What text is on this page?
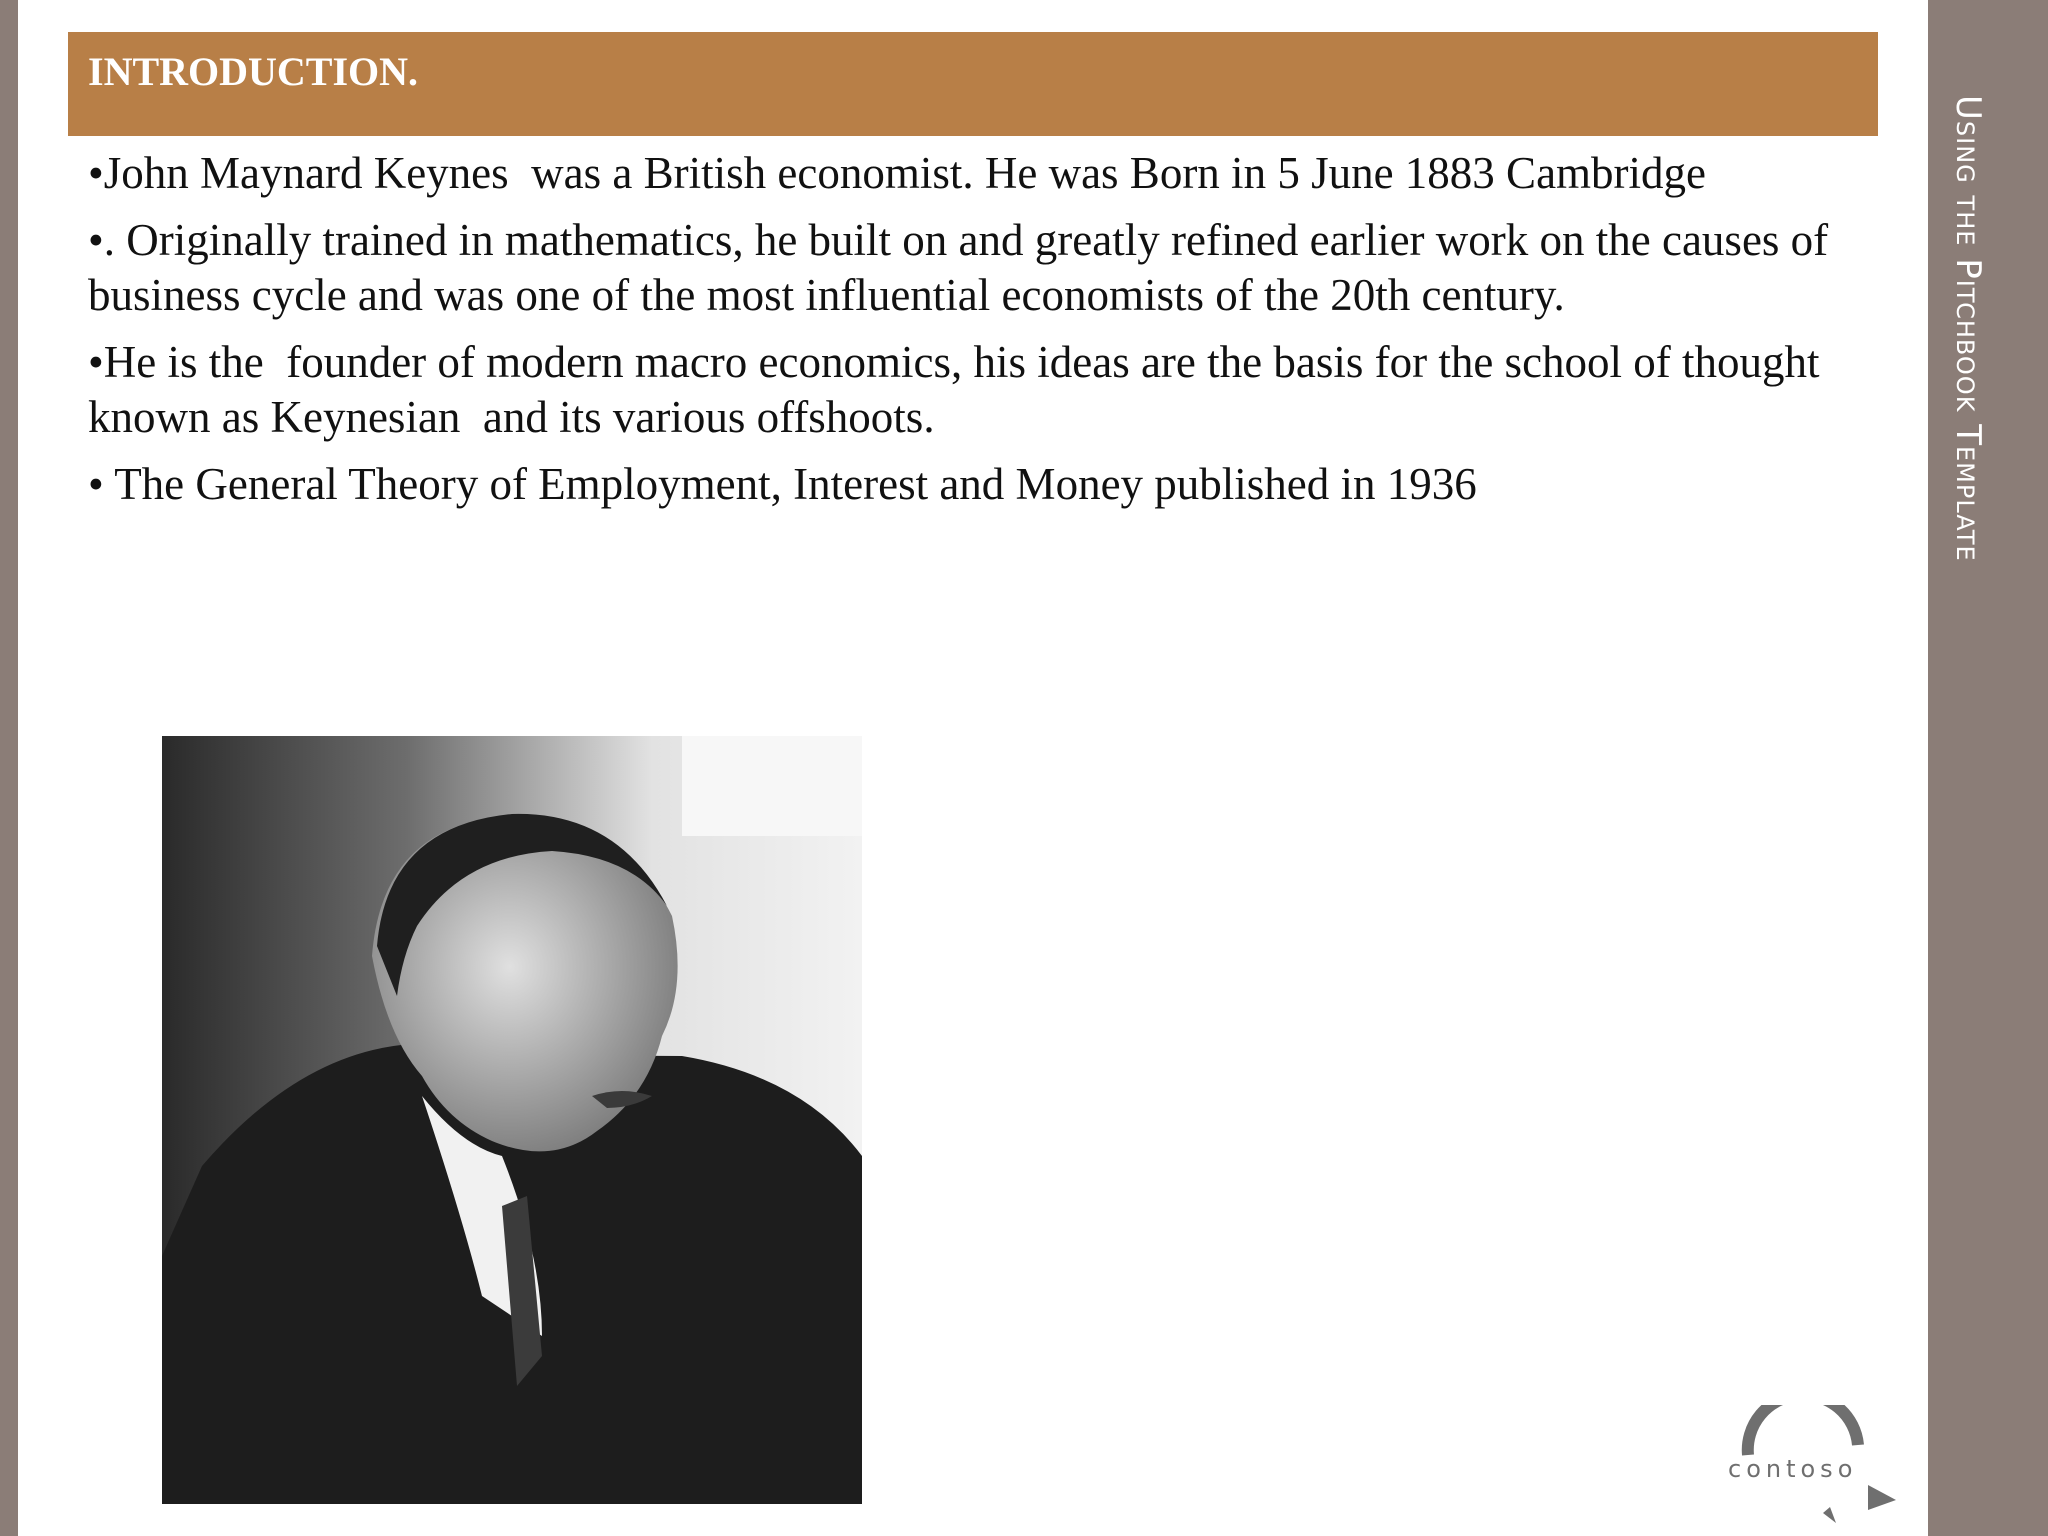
INTRODUCTION.

•John Maynard Keynes  was a British economist. He was Born in 5 June 1883 Cambridge

•. Originally trained in mathematics, he built on and greatly refined earlier work on the causes of business cycle and was one of the most influential economists of the 20th century.

•He is the  founder of modern macro economics, his ideas are the basis for the school of thought known as Keynesian  and its various offshoots.

• The General Theory of Employment, Interest and Money published in 1936

contoso
Using the Pitchbook Template
